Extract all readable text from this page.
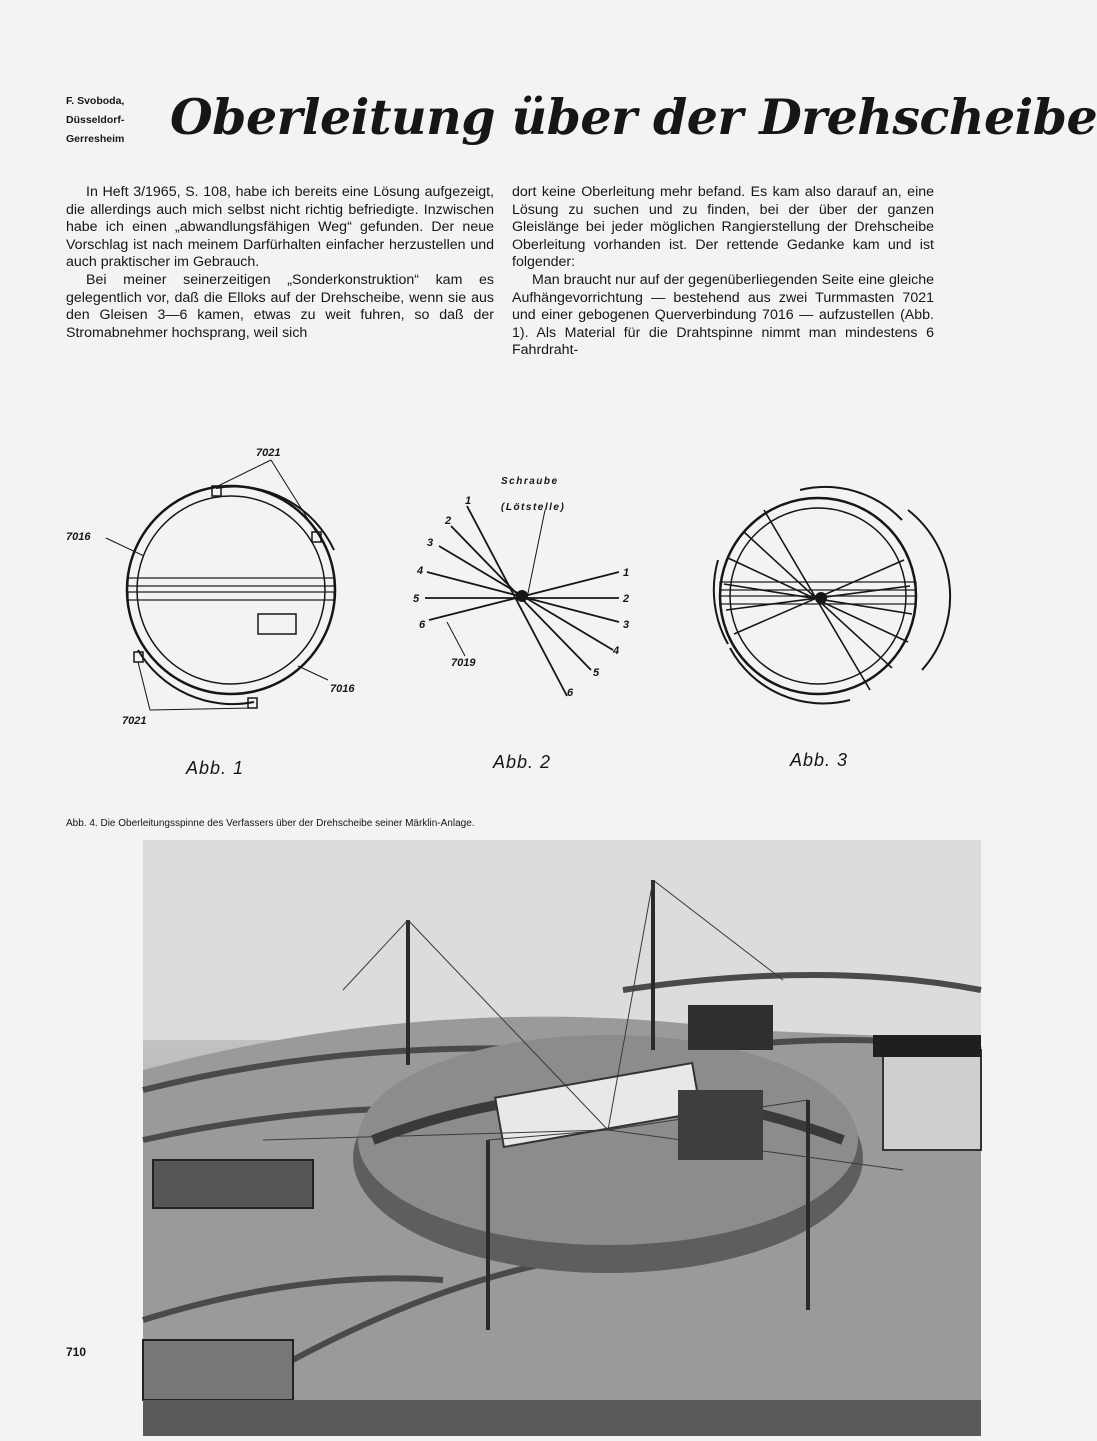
F. Svoboda,
Düsseldorf-
Gerresheim Oberleitung über der Drehscheibe

In Heft 3/1965, S. 108, habe ich bereits eine Lösung aufgezeigt, die allerdings auch mich selbst nicht richtig befriedigte. Inzwischen habe ich einen „abwandlungsfähigen Weg“ gefunden. Der neue Vorschlag ist nach meinem Darfürhalten einfacher herzustellen und auch praktischer im Gebrauch.

Bei meiner seinerzeitigen „Sonderkonstruktion“ kam es gelegentlich vor, daß die Elloks auf der Drehscheibe, wenn sie aus den Gleisen 3—6 kamen, etwas zu weit fuhren, so daß der Stromabnehmer hochsprang, weil sich

dort keine Oberleitung mehr befand. Es kam also darauf an, eine Lösung zu suchen und zu finden, bei der über der ganzen Gleislänge bei jeder möglichen Rangierstellung der Drehscheibe Oberleitung vorhanden ist. Der rettende Gedanke kam und ist folgender:

Man braucht nur auf der gegenüberliegenden Seite eine gleiche Aufhängevorrichtung — bestehend aus zwei Turmmasten 7021 und einer gebogenen Querverbindung 7016 — aufzustellen (Abb. 1). Als Material für die Drahtspinne nimmt man mindestens 6 Fahrdraht-

7021
7016
7016
7021
Abb. 1
Schraube
(Lötstelle)
1
2
3
4
5
6
1
2
3
4
5
6
7019
Abb. 2	Abb. 3
Abb. 4. Die Oberleitungsspinne des Verfassers über der Drehscheibe seiner Märklin-Anlage.
710
